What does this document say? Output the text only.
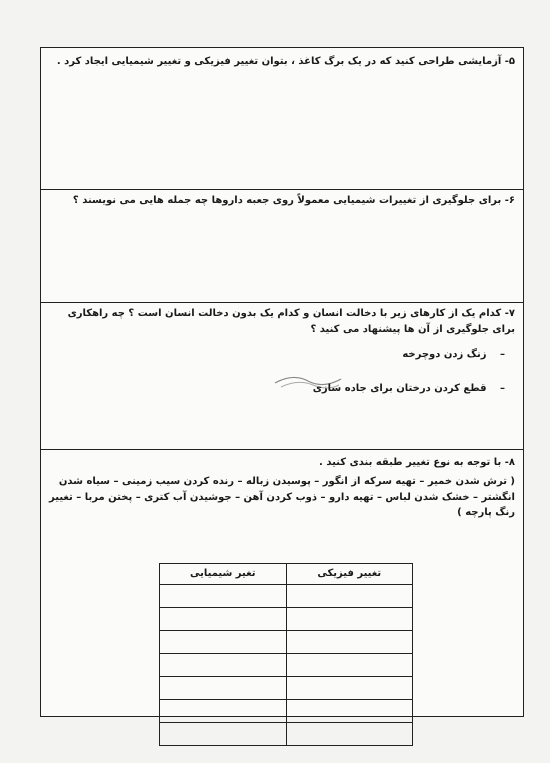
۵- آزمایشی طراحی کنید که در یک برگ کاغذ ، بتوان تغییر فیزیکی و تغییر شیمیایی ایجاد کرد .
۶- برای جلوگیری از تغییرات شیمیایی معمولاً روی جعبه داروها چه جمله هایی می نویسند ؟
۷- کدام یک از کارهای زیر با دخالت انسان و کدام یک بدون دخالت انسان است ؟ چه راهکاری برای جلوگیری از آن ها پیشنهاد می کنید ؟
– زنگ زدن دوچرخه
– قطع کردن درختان برای جاده سازی
۸- با توجه به نوع تغییر طبقه بندی کنید .
( ترش شدن خمیر – تهیه سرکه از انگور – پوسیدن زباله – رنده کردن سیب زمینی – سیاه شدن انگشتر – خشک شدن لباس – تهیه دارو – ذوب کردن آهن – جوشیدن آب کتری – پختن مربا – تغییر رنگ پارچه )
تغییر فیزیکی	تغیر شیمیایی
